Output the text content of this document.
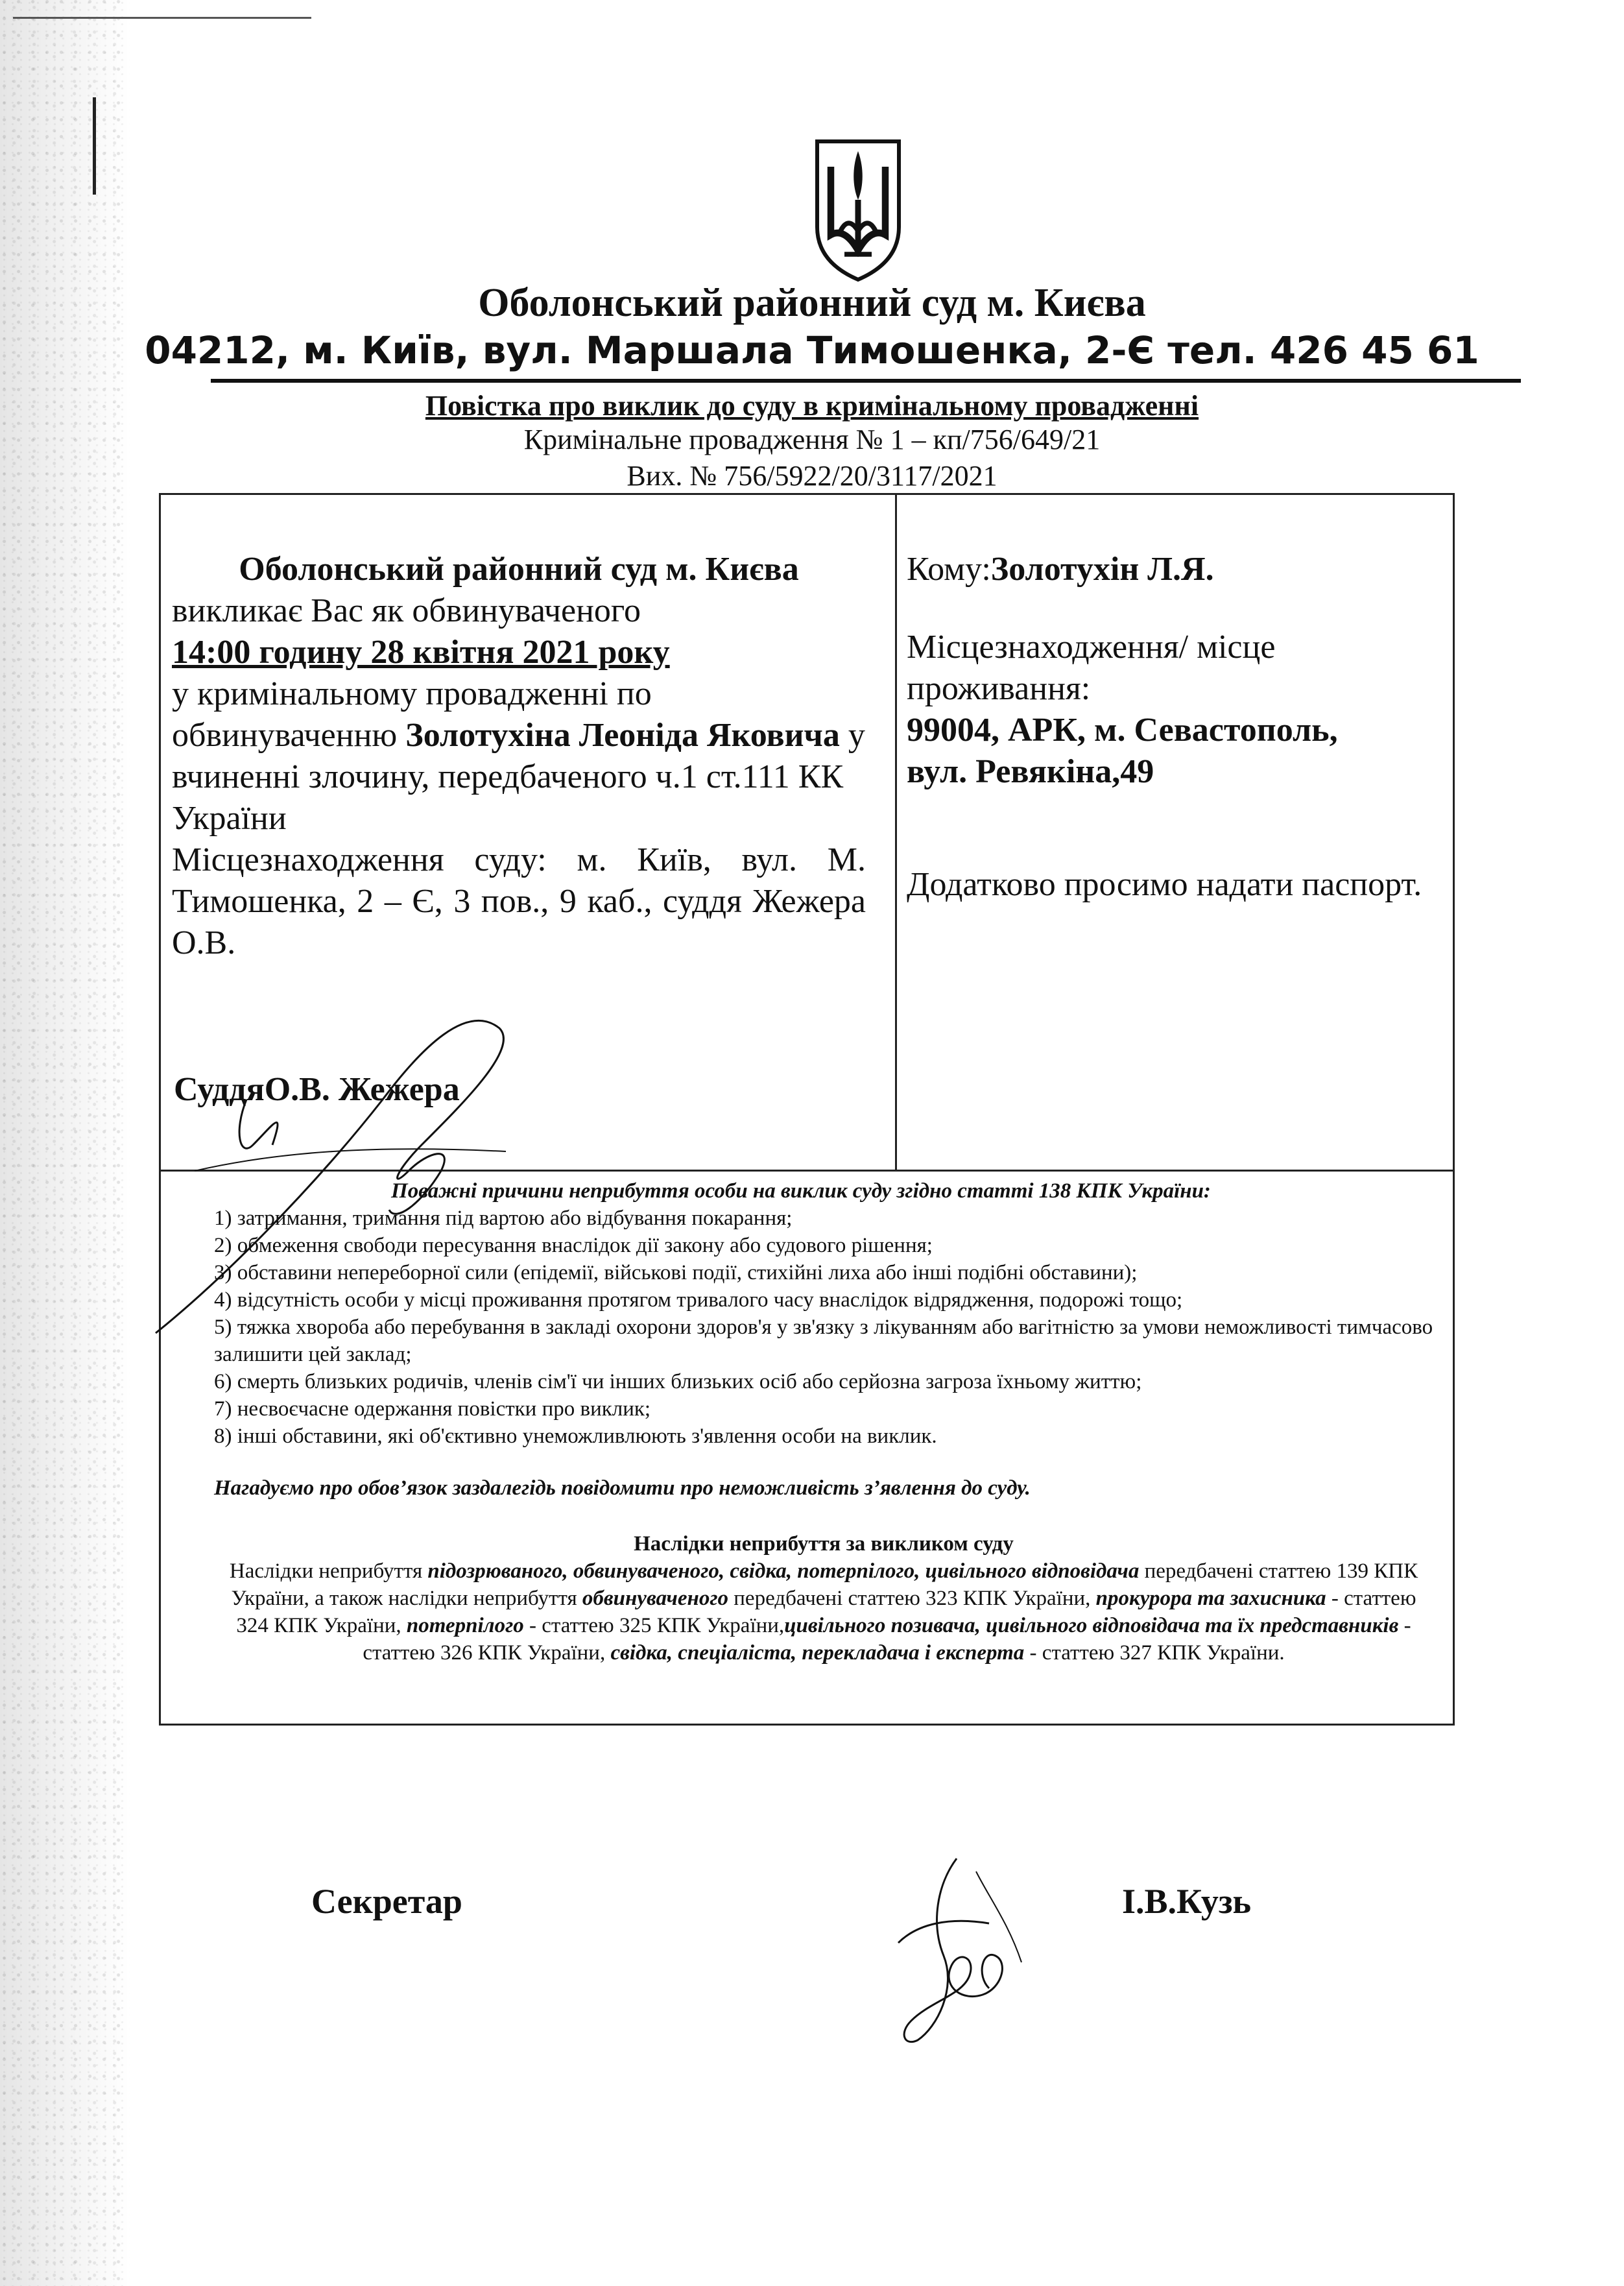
Оболонський районний суд м. Києва
04212, м. Київ, вул. Маршала Тимошенка, 2-Є тел. 426 45 61
Повістка про виклик до суду в кримінальному провадженні
Кримінальне провадження № 1 – кп/756/649/21
Вих. № 756/5922/20/3117/2021

Оболонський районний суд м. Києва

викликає Вас як обвинуваченого

14:00 годину 28 квітня 2021 року

у кримінальному провадженні по обвинуваченню Золотухіна Леоніда Яковича у вчиненні злочину, передбаченого ч.1 ст.111 КК України

Місцезнаходження суду: м. Київ, вул. М. Тимошенка, 2 – Є, 3 пов., 9 каб., суддя Жежера О.В.

СуддяО.В. Жежера

Кому:Золотухін Л.Я.

Місцезнаходження/ місце проживання:

99004, АРК, м. Севастополь,

вул. Ревякіна,49

Додатково просимо надати паспорт.

Поважні причини неприбуття особи на виклик суду згідно статті 138 КПК України:

1) затримання, тримання під вартою або відбування покарання;

2) обмеження свободи пересування внаслідок дії закону або судового рішення;

3) обставини непереборної сили (епідемії, військові події, стихійні лиха або інші подібні обставини);

4) відсутність особи у місці проживання протягом тривалого часу внаслідок відрядження, подорожі тощо;

5) тяжка хвороба або перебування в закладі охорони здоров'я у зв'язку з лікуванням або вагітністю за умови неможливості тимчасово залишити цей заклад;

6) смерть близьких родичів, членів сім'ї чи інших близьких осіб або серйозна загроза їхньому життю;

7) несвоєчасне одержання повістки про виклик;

8) інші обставини, які об'єктивно унеможливлюють з'явлення особи на виклик.

Нагадуємо про обов’язок заздалегідь повідомити про неможливість з’явлення до суду.

Наслідки неприбуття за викликом суду

Наслідки неприбуття підозрюваного, обвинуваченого, свідка, потерпілого, цивільного відповідача передбачені статтею 139 КПК України, а також наслідки неприбуття обвинуваченого передбачені статтею 323 КПК України, прокурора та захисника - статтею 324 КПК України, потерпілого - статтею 325 КПК України,цивільного позивача, цивільного відповідача та їх представників - статтею 326 КПК України, свідка, спеціаліста, перекладача і експерта - статтею 327 КПК України.

Секретар	І.В.Кузь
